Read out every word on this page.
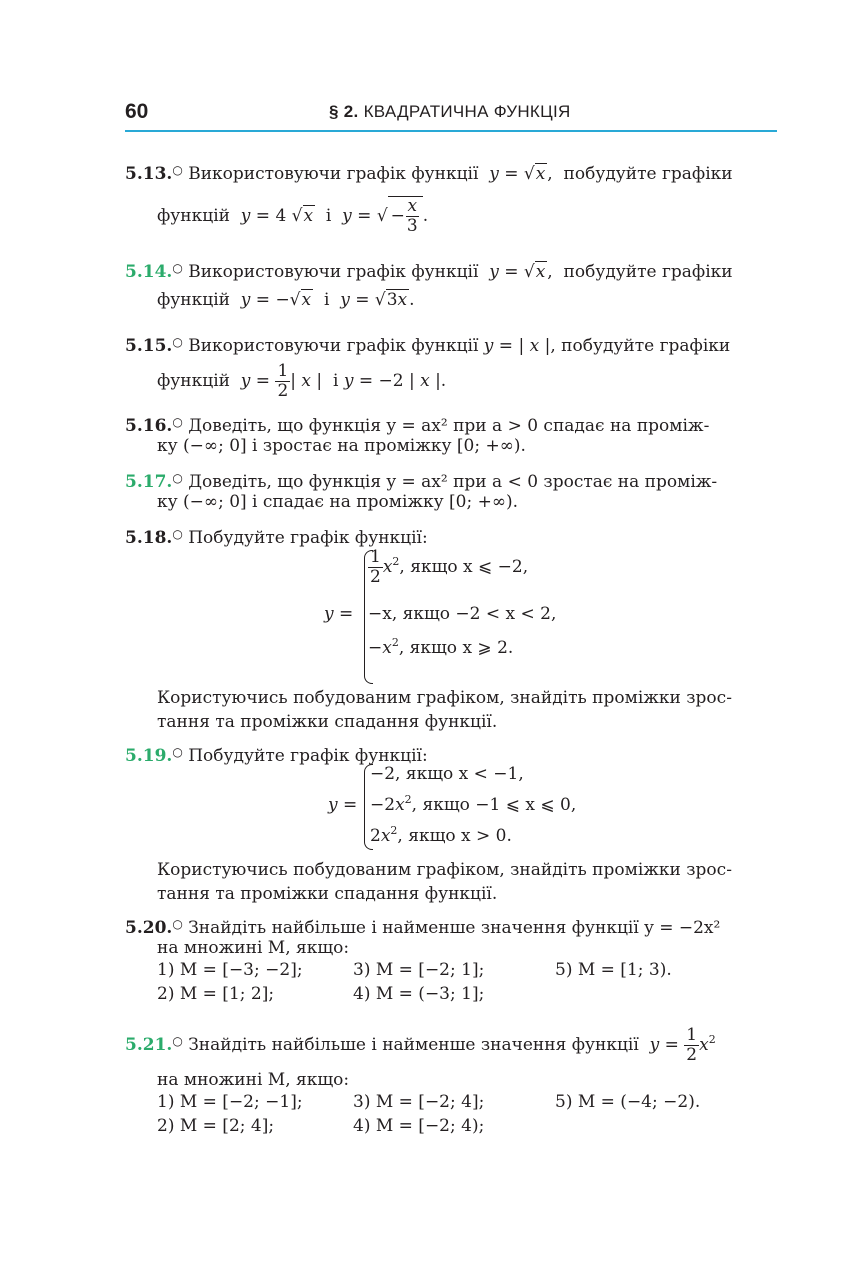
60	§ 2. КВАДРАТИЧНА ФУНКЦІЯ
5.13.○ Використовуючи графік функції y = √x ,  побудуйте графіки
функцій y = 4 √x і y = √ − $\frac{x}{3}$ .
5.14.○ Використовуючи графік функції y = √x ,  побудуйте графіки
функцій y = −√x і y = √3x .
5.15.○ Використовуючи графік функції y = | x |, побудуйте графіки
функцій $y = \frac{1}{2}$ | x |  і y = −2 | x |.
5.16.○ Доведіть, що функція y = ax² при a > 0 спадає на проміж-
ку (−∞; 0] і зростає на проміжку [0; +∞).
5.17.○ Доведіть, що функція y = ax² при a < 0 зростає на проміж-
ку (−∞; 0] і спадає на проміжку [0; +∞).
5.18.○ Побудуйте графік функції:
y =
$\frac{1}{2} x^2$, якщо x ⩽ −2,
−x, якщо −2 < x < 2,
$-x^2$, якщо x ⩾ 2.
Користуючись побудованим графіком, знайдіть проміжки зрос-
тання та проміжки спадання функції.
5.19.○ Побудуйте графік функції:
y =
−2, якщо x < −1,
$-2x^2$, якщо −1 ⩽ x ⩽ 0,
$2x^2$, якщо x > 0.
Користуючись побудованим графіком, знайдіть проміжки зрос-
тання та проміжки спадання функції.
5.20.○ Знайдіть найбільше і найменше значення функції y = −2x²
на множині M, якщо:
1) M = [−3; −2];	3) M = [−2; 1];	5) M = [1; 3).
2) M = [1; 2];	4) M = (−3; 1];
5.21.○ Знайдіть найбільше і найменше значення функції $y = \frac{1}{2} x^2$
на множині M, якщо:
1) M = [−2; −1];	3) M = [−2; 4];	5) M = (−4; −2).
2) M = [2; 4];	4) M = [−2; 4);
